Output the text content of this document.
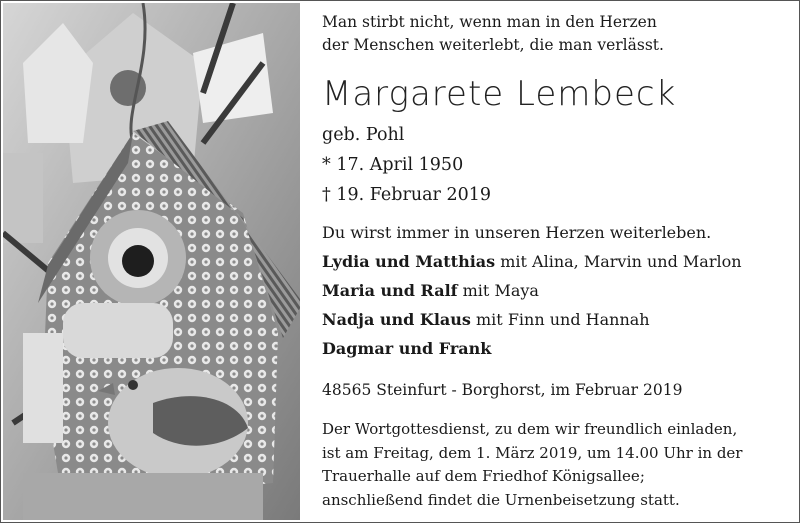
Man stirbt nicht, wenn man in den Herzen
der Menschen weiterlebt, die man verlässt.
Margarete Lembeck
geb. Pohl
* 17. April 1950
† 19. Februar 2019
Du wirst immer in unseren Herzen weiterleben.
Lydia und Matthias mit Alina, Marvin und Marlon
Maria und Ralf mit Maya
Nadja und Klaus mit Finn und Hannah
Dagmar und Frank
48565 Steinfurt - Borghorst, im Februar 2019
Der Wortgottesdienst, zu dem wir freundlich einladen,
ist am Freitag, dem 1. März 2019, um 14.00 Uhr in der
Trauerhalle auf dem Friedhof Königsallee;
anschließend findet die Urnenbeisetzung statt.
